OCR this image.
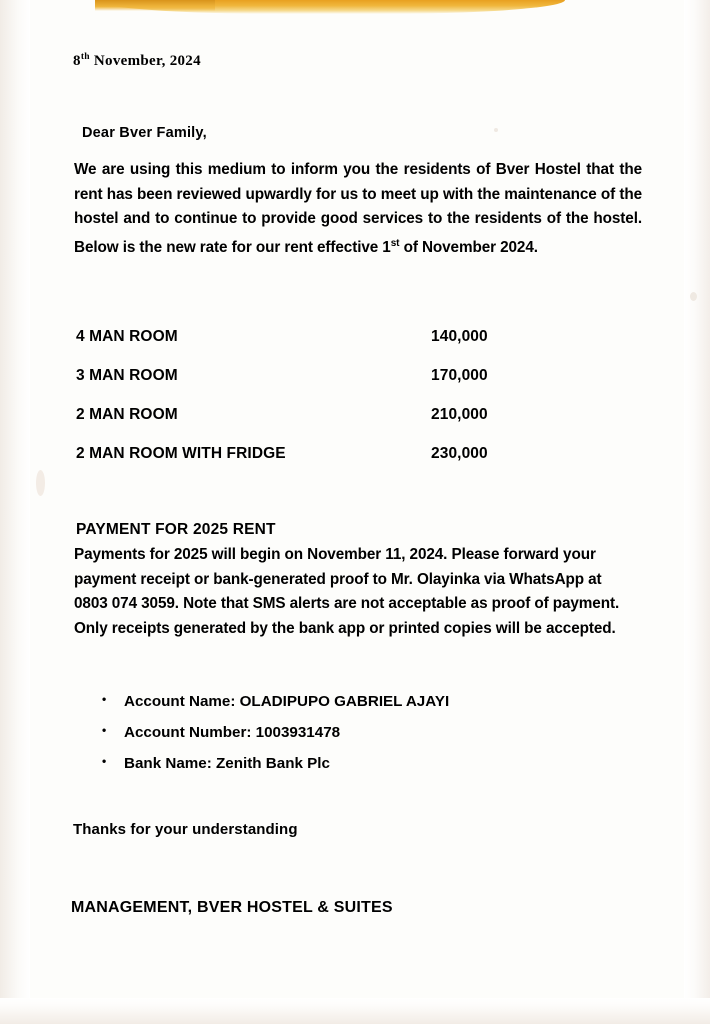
8th November, 2024
Dear Bver Family,
We are using this medium to inform you the residents of Bver Hostel that the rent has been reviewed upwardly for us to meet up with the maintenance of the hostel and to continue to provide good services to the residents of the hostel. Below is the new rate for our rent effective 1st of November 2024.
4 MAN ROOM	140,000
3 MAN ROOM	170,000
2 MAN ROOM	210,000
2 MAN ROOM WITH FRIDGE	230,000
PAYMENT FOR 2025 RENT
Payments for 2025 will begin on November 11, 2024. Please forward your payment receipt or bank-generated proof to Mr. Olayinka via WhatsApp at 0803 074 3059. Note that SMS alerts are not acceptable as proof of payment. Only receipts generated by the bank app or printed copies will be accepted.
• Account Name: OLADIPUPO GABRIEL AJAYI
• Account Number: 1003931478
• Bank Name: Zenith Bank Plc
Thanks for your understanding
MANAGEMENT, BVER HOSTEL & SUITES
